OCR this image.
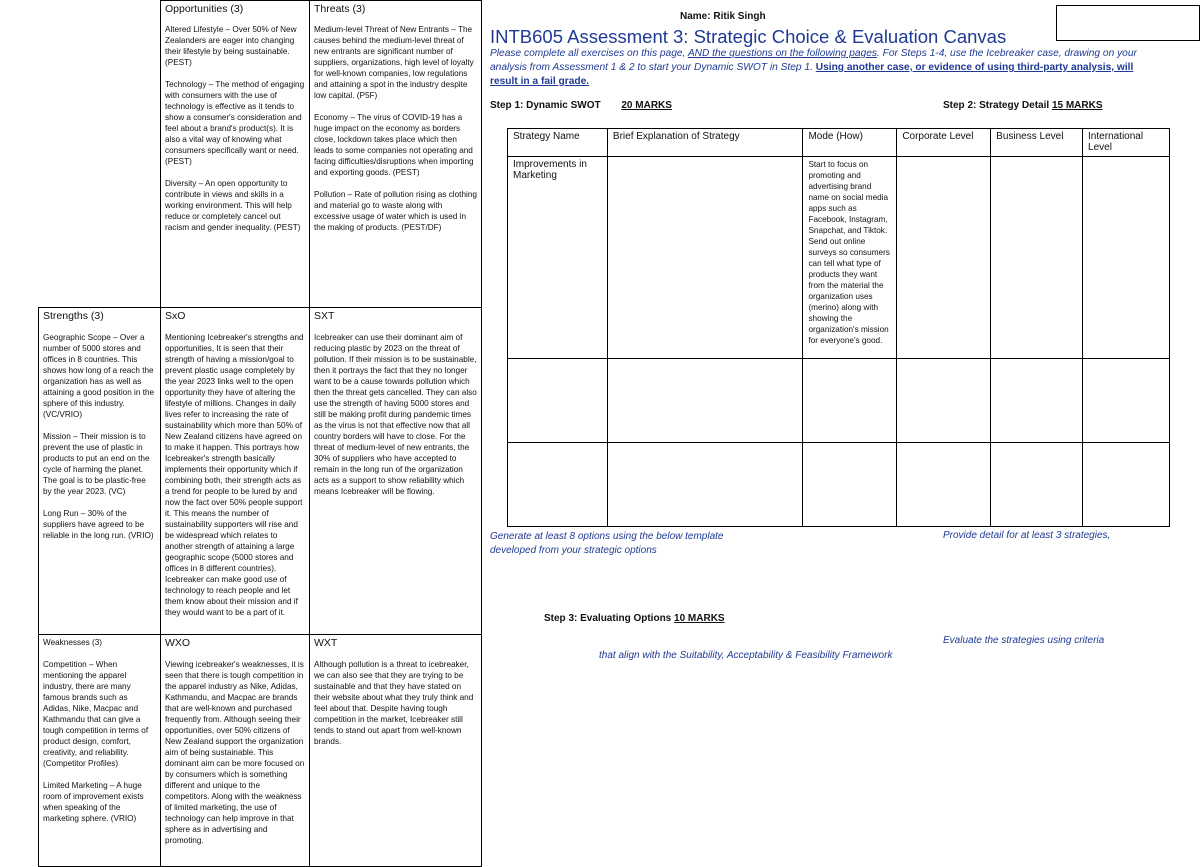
Opportunities (3)
Altered Lifestyle – Over 50% of New Zealanders are eager into changing their lifestyle by being sustainable. (PEST)

Technology – The method of engaging with consumers with the use of technology is effective as it tends to show a consumer's consideration and feel about a brand's product(s). It is also a vital way of knowing what consumers specifically want or need. (PEST)

Diversity – An open opportunity to contribute in views and skills in a working environment. This will help reduce or completely cancel out racism and gender inequality. (PEST)
Threats (3)
Medium-level Threat of New Entrants – The causes behind the medium-level threat of new entrants are significant number of suppliers, organizations, high level of loyalty for well-known companies, low regulations and attaining a spot in the industry despite low capital. (P5F)

Economy – The virus of COVID-19 has a huge impact on the economy as borders close, lockdown takes place which then leads to some companies not operating and facing difficulties/disruptions when importing and exporting goods. (PEST)

Pollution – Rate of pollution rising as clothing and material go to waste along with excessive usage of water which is used in the making of products. (PEST/DF)
Strengths (3)
Geographic Scope – Over a number of 5000 stores and offices in 8 countries. This shows how long of a reach the organization has as well as attaining a good position in the sphere of this industry. (VC/VRIO)

Mission – Their mission is to prevent the use of plastic in products to put an end on the cycle of harming the planet. The goal is to be plastic-free by the year 2023. (VC)

Long Run – 30% of the suppliers have agreed to be reliable in the long run. (VRIO)
SxO
Mentioning Icebreaker's strengths and opportunities, It is seen that their strength of having a mission/goal to prevent plastic usage completely by the year 2023 links well to the open opportunity they have of altering the lifestyle of millions. Changes in daily lives refer to increasing the rate of sustainability which more than 50% of New Zealand citizens have agreed on to make it happen. This portrays how Icebreaker's strength basically implements their opportunity which if combining both, their strength acts as a trend for people to be lured by and now the fact over 50% people support it. This means the number of sustainability supporters will rise and be widespread which relates to another strength of attaining a large geographic scope (5000 stores and offices in 8 different countries). Icebreaker can make good use of technology to reach people and let them know about their mission and if they would want to be a part of it.
SXT
Icebreaker can use their dominant aim of reducing plastic by 2023 on the threat of pollution. If their mission is to be sustainable, then it portrays the fact that they no longer want to be a cause towards pollution which then the threat gets cancelled. They can also use the strength of having 5000 stores and still be making profit during pandemic times as the virus is not that effective now that all country borders will have to close. For the threat of medium-level of new entrants, the 30% of suppliers who have accepted to remain in the long run of the organization acts as a support to show reliability which means Icebreaker will be flowing.
Weaknesses (3)
Competition – When mentioning the apparel industry, there are many famous brands such as Adidas, Nike, Macpac and Kathmandu that can give a tough competition in terms of product design, comfort, creativity, and reliability. (Competitor Profiles)

Limited Marketing – A huge room of improvement exists when speaking of the marketing sphere. (VRIO)
WXO
Viewing icebreaker's weaknesses, it is seen that there is tough competition in the apparel industry as Nike, Adidas, Kathmandu, and Macpac are brands that are well-known and purchased frequently from. Although seeing their opportunities, over 50% citizens of New Zealand support the organization aim of being sustainable. This dominant aim can be more focused on by consumers which is something different and unique to the competitors. Along with the weakness of limited marketing, the use of technology can help improve in that sphere as in advertising and promoting.
WXT
Although pollution is a threat to icebreaker, we can also see that they are trying to be sustainable and that they have stated on their website about what they truly think and feel about that. Despite having tough competition in the market, Icebreaker still tends to stand out apart from well-known brands.
Name: Ritik Singh
INTB605 Assessment 3: Strategic Choice & Evaluation Canvas
Please complete all exercises on this page, AND the questions on the following pages. For Steps 1-4, use the Icebreaker case, drawing on your analysis from Assessment 1 & 2 to start your Dynamic SWOT in Step 1. Using another case, or evidence of using third-party analysis, will result in a fail grade.
Step 1: Dynamic SWOT 20 MARKS	Step 2: Strategy Detail 15 MARKS
Strategy Name	Brief Explanation of Strategy	Mode (How)	Corporate Level	Business Level	International Level
Improvements in Marketing		Start to focus on promoting and advertising brand name on social media apps such as Facebook, Instagram, Snapchat, and Tiktok. Send out online surveys so consumers can tell what type of products they want from the material the organization uses (merino) along with showing the organization's mission for everyone's good.			

Generate at least 8 options using the below template developed from your strategic options
Provide detail for at least 3 strategies,
Step 3: Evaluating Options 10 MARKS
Evaluate the strategies using criteria
that align with the Suitability, Acceptability & Feasibility Framework
